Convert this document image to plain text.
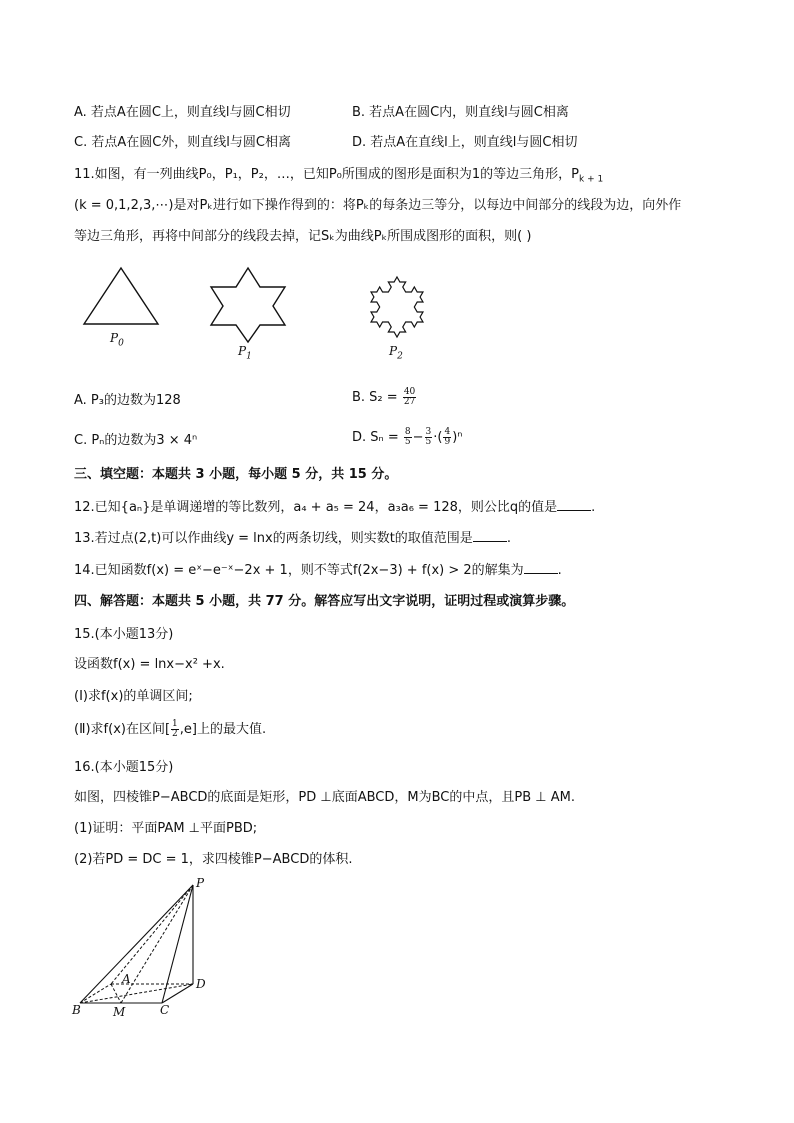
A. 若点A在圆C上，则直线l与圆C相切	B. 若点A在圆C内，则直线l与圆C相离
C. 若点A在圆C外，则直线l与圆C相离	D. 若点A在直线l上，则直线l与圆C相切
11.如图，有一列曲线P₀，P₁，P₂，…，已知P₀所围成的图形是面积为1的等边三角形，$P_{k + 1}$
(k = 0,1,2,3,⋯)是对Pₖ进行如下操作得到的：将Pₖ的每条边三等分，以每边中间部分的线段为边，向外作
等边三角形，再将中间部分的线段去掉，记Sₖ为曲线Pₖ所围成图形的面积，则( )
$P_0$
$P_1$	$P_2$
A. P₃的边数为128	B. $S_2 = \frac{40}{27}$
C. Pₙ的边数为3 × 4ⁿ	D. $S_n = \frac{8}{5} - \frac{3}{5}$ ·( $\frac{4}{9} )^n$
三、填空题：本题共 3 小题，每小题 5 分，共 15 分。
12.已知{aₙ}是单调递增的等比数列，a₄ + a₅ = 24，a₃a₆ = 128，则公比q的值是	.
13.若过点(2,t)可以作曲线y = lnx的两条切线，则实数t的取值范围是	.
14.已知函数f(x) = eˣ−e⁻ˣ−2x + 1，则不等式f(2x−3) + f(x) > 2的解集为	.
四、解答题：本题共 5 小题，共 77 分。解答应写出文字说明，证明过程或演算步骤。
15.(本小题13分)
设函数f(x) = lnx−x² +x.
(Ⅰ)求f(x)的单调区间;
(Ⅱ)求f(x)在区间[ $\frac{1}{2} ,e$]上的最大值.
16.(本小题15分)
如图，四棱锥P−ABCD的底面是矩形，PD ⊥底面ABCD，M为BC的中点，且PB ⊥ AM.
(1)证明：平面PAM ⊥平面PBD;
(2)若PD = DC = 1，求四棱锥P−ABCD的体积.
P
A	D
B	M	C
